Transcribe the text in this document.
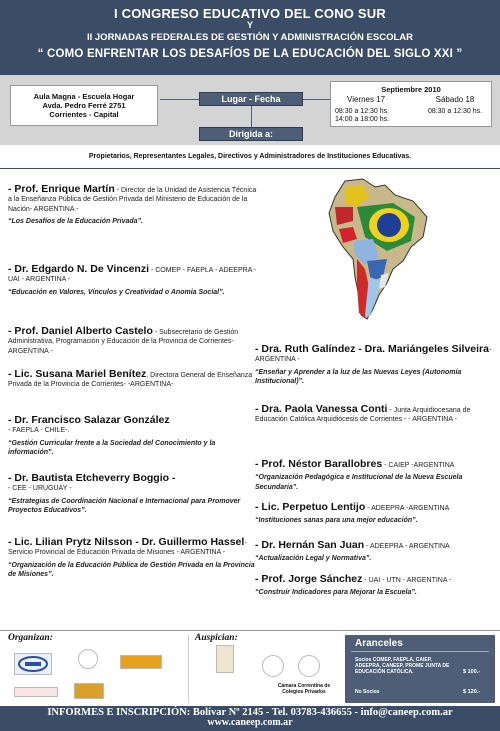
I CONGRESO EDUCATIVO DEL CONO SUR
Y
II JORNADAS FEDERALES DE GESTIÓN Y ADMINISTRACIÓN ESCOLAR
“ COMO ENFRENTAR LOS DESAFÍOS DE LA EDUCACIÓN DEL SIGLO XXI ”
Aula Magna - Escuela Hogar
Avda. Pedro Ferré 2751
Corrientes - Capital
Lugar - Fecha
Dirigida a:
Septiembre 2010
Viernes 17
08:30 a 12:30 hs.
14:00 a 18:00 hs.
Sábado 18
08:30 a 12:30 hs.
Propietarios, Representantes Legales, Directivos y Administradores de Instituciones Educativas.
- Prof. Enrique Martín - Director de la Unidad de Asistencia Técnica a la Enseñanza Pública de Gestión Privada del Ministerio de Educación de la Nación- ARGENTINA -
“Los Desafíos de la Educación Privada”.
- Dr. Edgardo N. De Vincenzi - COMEP - FAEPLA - ADEEPRA - UAI - ARGENTINA -
“Educación en Valores, Vínculos y Creatividad o Anomia Social”.
- Prof. Daniel Alberto Castelo - Subsecretario de Gestión Administrativa, Programación y Educación de la Provincia de Corrientes- ARGENTINA -
- Lic. Susana Mariel Benítez, Directora General de Enseñanza Privada de la Provincia de Corrientes- -ARGENTINA-
- Dr. Francisco Salazar González
- FAEPLA - CHILE-.
“Gestión Curricular frente a la Sociedad del Conocimiento y la información”.
- Dr. Bautista Etcheverry Boggio -
- CEE - URUGUAY -
“Estrategias de Coordinación Nacional e Internacional para Promover Proyectos Educativos”.
- Lic. Lilian Prytz Nilsson - Dr. Guillermo Hassel- Servicio Provincial de Educación Privada de Misiones - ARGENTINA -
“Organización de la Educación Pública de Gestión Privada en la Provincia de Misiones”.
- Dra. Ruth Galíndez - Dra. Mariángeles Silveira- ARGENTINA -
“Enseñar y Aprender a la luz de las Nuevas Leyes (Autonomía Institucional)”.
- Dra. Paola Vanessa Conti - Junta Arquidiocesana de Educación Católica Arquidiócesis de Corrientes - - ARGENTINA -
- Prof. Néstor Barallobres - CAIEP -ARGENTINA
“Organización Pedagógica e Institucional de la Nueva Escuela Secundaria”.
- Lic. Perpetuo Lentijo - ADEEPRA -ARGENTINA
“Instituciones sanas para una mejor educación”.
- Dr. Hernán San Juan - ADEEPRA - ARGENTINA
“Actualización Legal y Normativa”.
- Prof. Jorge Sánchez - UAI - UTN - ARGENTINA -
“Construir Indicadores para Mejorar la Escuela”.
Organizan:	Auspician:
Cámara Correntina de Colegios Privados
Aranceles
Socios COMEP, FAEPLA, CAIEP, ADEEPRA, CANEEP, PROME JUNTA DE EDUCACIÓN CATÓLICA.	$ 100.-
No Socios	$ 120.-
INFORMES E INSCRIPCIÓN: Bolívar Nº 2145 - Tel. 03783-436655 - info@caneep.com.ar
www.caneep.com.ar
